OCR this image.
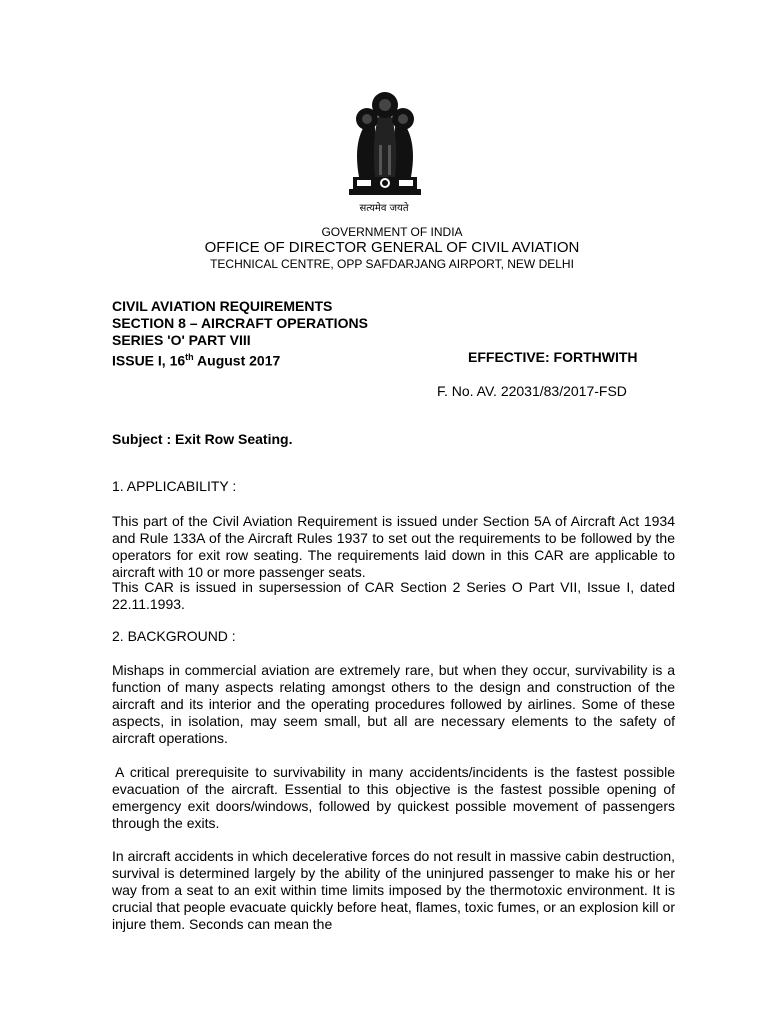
सत्यमेव जयते
GOVERNMENT OF INDIA
OFFICE OF DIRECTOR GENERAL OF CIVIL AVIATION
TECHNICAL CENTRE, OPP SAFDARJANG AIRPORT, NEW DELHI
CIVIL AVIATION REQUIREMENTS
SECTION 8 – AIRCRAFT OPERATIONS
SERIES 'O' PART VIII
ISSUE I, 16th August 2017	EFFECTIVE: FORTHWITH
F. No. AV. 22031/83/2017-FSD
Subject : Exit Row Seating.
1. APPLICABILITY :

This part of the Civil Aviation Requirement is issued under Section 5A of Aircraft Act 1934 and Rule 133A of the Aircraft Rules 1937 to set out the requirements to be followed by the operators for exit row seating. The requirements laid down in this CAR are applicable to aircraft with 10 or more passenger seats.

This CAR is issued in supersession of CAR Section 2 Series O Part VII, Issue I, dated 22.11.1993.

2. BACKGROUND :

Mishaps in commercial aviation are extremely rare, but when they occur, survivability is a function of many aspects relating amongst others to the design and construction of the aircraft and its interior and the operating procedures followed by airlines. Some of these aspects, in isolation, may seem small, but all are necessary elements to the safety of aircraft operations.

A critical prerequisite to survivability in many accidents/incidents is the fastest possible evacuation of the aircraft. Essential to this objective is the fastest possible opening of emergency exit doors/windows, followed by quickest possible movement of passengers through the exits.

In aircraft accidents in which decelerative forces do not result in massive cabin destruction, survival is determined largely by the ability of the uninjured passenger to make his or her way from a seat to an exit within time limits imposed by the thermotoxic environment. It is crucial that people evacuate quickly before heat, flames, toxic fumes, or an explosion kill or injure them. Seconds can mean the
